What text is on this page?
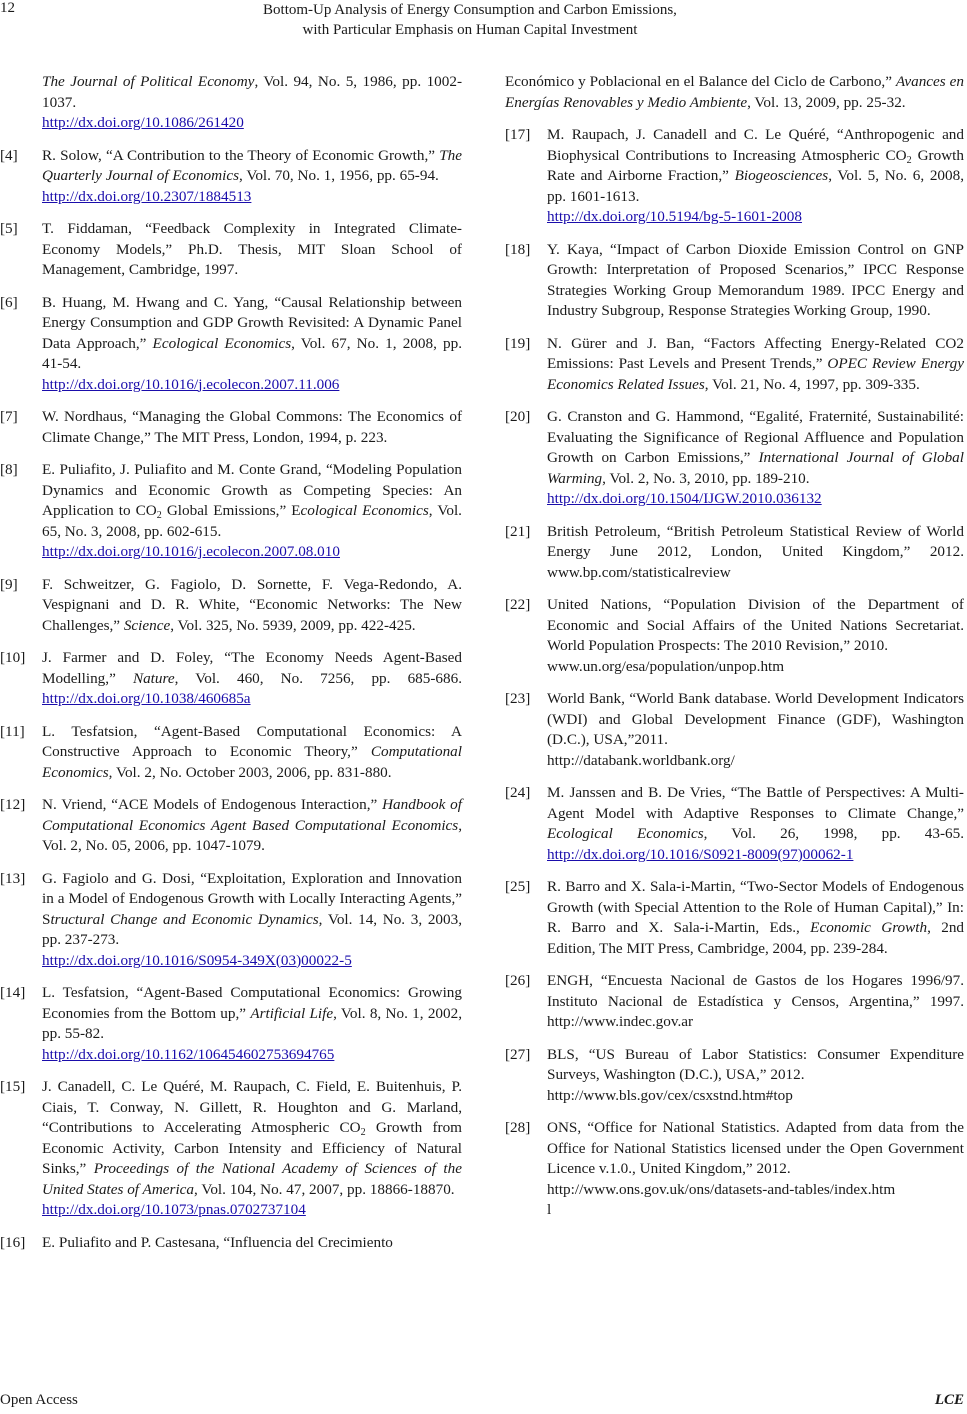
12	Bottom-Up Analysis of Energy Consumption and Carbon Emissions,
with Particular Emphasis on Human Capital Investment
The Journal of Political Economy, Vol. 94, No. 5, 1986, pp. 1002-1037.
http://dx.doi.org/10.1086/261420
[4]	R. Solow, “A Contribution to the Theory of Economic Growth,” The Quarterly Journal of Economics, Vol. 70, No. 1, 1956, pp. 65-94.
http://dx.doi.org/10.2307/1884513
[5]	T. Fiddaman, “Feedback Complexity in Integrated Climate-Economy Models,” Ph.D. Thesis, MIT Sloan School of Management, Cambridge, 1997.
[6]	B. Huang, M. Hwang and C. Yang, “Causal Relationship between Energy Consumption and GDP Growth Revisited: A Dynamic Panel Data Approach,” Ecological Economics, Vol. 67, No. 1, 2008, pp. 41-54.
http://dx.doi.org/10.1016/j.ecolecon.2007.11.006
[7]	W. Nordhaus, “Managing the Global Commons: The Economics of Climate Change,” The MIT Press, London, 1994, p. 223.
[8]	E. Puliafito, J. Puliafito and M. Conte Grand, “Modeling Population Dynamics and Economic Growth as Competing Species: An Application to $CO_2$ Global Emissions,” Ecological Economics, Vol. 65, No. 3, 2008, pp. 602-615.
http://dx.doi.org/10.1016/j.ecolecon.2007.08.010
[9]	F. Schweitzer, G. Fagiolo, D. Sornette, F. Vega-Redondo, A. Vespignani and D. R. White, “Economic Networks: The New Challenges,” Science, Vol. 325, No. 5939, 2009, pp. 422-425.
[10]	J. Farmer and D. Foley, “The Economy Needs Agent-Based Modelling,” Nature, Vol. 460, No. 7256, pp. 685-686. http://dx.doi.org/10.1038/460685a
[11]	L. Tesfatsion, “Agent-Based Computational Economics: A Constructive Approach to Economic Theory,” Computational Economics, Vol. 2, No. October 2003, 2006, pp. 831-880.
[12]	N. Vriend, “ACE Models of Endogenous Interaction,” Handbook of Computational Economics Agent Based Computational Economics, Vol. 2, No. 05, 2006, pp. 1047-1079.
[13]	G. Fagiolo and G. Dosi, “Exploitation, Exploration and Innovation in a Model of Endogenous Growth with Locally Interacting Agents,” Structural Change and Economic Dynamics, Vol. 14, No. 3, 2003, pp. 237-273.
http://dx.doi.org/10.1016/S0954-349X(03)00022-5
[14]	L. Tesfatsion, “Agent-Based Computational Economics: Growing Economies from the Bottom up,” Artificial Life, Vol. 8, No. 1, 2002, pp. 55-82.
http://dx.doi.org/10.1162/106454602753694765
[15]	J. Canadell, C. Le Quéré, M. Raupach, C. Field, E. Buitenhuis, P. Ciais, T. Conway, N. Gillett, R. Houghton and G. Marland, “Contributions to Accelerating Atmospheric $CO_2$ Growth from Economic Activity, Carbon Intensity and Efficiency of Natural Sinks,” Proceedings of the National Academy of Sciences of the United States of America, Vol. 104, No. 47, 2007, pp. 18866-18870.
http://dx.doi.org/10.1073/pnas.0702737104
[16]	E. Puliafito and P. Castesana, “Influencia del Crecimiento
Económico y Poblacional en el Balance del Ciclo de Carbono,” Avances en Energías Renovables y Medio Ambiente, Vol. 13, 2009, pp. 25-32.
[17]	M. Raupach, J. Canadell and C. Le Quéré, “Anthropogenic and Biophysical Contributions to Increasing Atmospheric $CO_2$ Growth Rate and Airborne Fraction,” Biogeosciences, Vol. 5, No. 6, 2008, pp. 1601-1613.
http://dx.doi.org/10.5194/bg-5-1601-2008
[18]	Y. Kaya, “Impact of Carbon Dioxide Emission Control on GNP Growth: Interpretation of Proposed Scenarios,” IPCC Response Strategies Working Group Memorandum 1989. IPCC Energy and Industry Subgroup, Response Strategies Working Group, 1990.
[19]	N. Gürer and J. Ban, “Factors Affecting Energy-Related CO2 Emissions: Past Levels and Present Trends,” OPEC Review Energy Economics Related Issues, Vol. 21, No. 4, 1997, pp. 309-335.
[20]	G. Cranston and G. Hammond, “Egalité, Fraternité, Sustainabilité: Evaluating the Significance of Regional Affluence and Population Growth on Carbon Emissions,” International Journal of Global Warming, Vol. 2, No. 3, 2010, pp. 189-210.
http://dx.doi.org/10.1504/IJGW.2010.036132
[21]	British Petroleum, “British Petroleum Statistical Review of World Energy June 2012, London, United Kingdom,” 2012. www.bp.com/statisticalreview
[22]	United Nations, “Population Division of the Department of Economic and Social Affairs of the United Nations Secretariat. World Population Prospects: The 2010 Revision,” 2010.
www.un.org/esa/population/unpop.htm
[23]	World Bank, “World Bank database. World Development Indicators (WDI) and Global Development Finance (GDF), Washington (D.C.), USA,”2011.
http://databank.worldbank.org/
[24]	M. Janssen and B. De Vries, “The Battle of Perspectives: A Multi-Agent Model with Adaptive Responses to Climate Change,” Ecological Economics, Vol. 26, 1998, pp. 43-65. http://dx.doi.org/10.1016/S0921-8009(97)00062-1
[25]	R. Barro and X. Sala-i-Martin, “Two-Sector Models of Endogenous Growth (with Special Attention to the Role of Human Capital),” In: R. Barro and X. Sala-i-Martin, Eds., Economic Growth, 2nd Edition, The MIT Press, Cambridge, 2004, pp. 239-284.
[26]	ENGH, “Encuesta Nacional de Gastos de los Hogares 1996/97. Instituto Nacional de Estadística y Censos, Argentina,” 1997. http://www.indec.gov.ar
[27]	BLS, “US Bureau of Labor Statistics: Consumer Expenditure Surveys, Washington (D.C.), USA,” 2012.
http://www.bls.gov/cex/csxstnd.htm#top
[28]	ONS, “Office for National Statistics. Adapted from data from the Office for National Statistics licensed under the Open Government Licence v.1.0., United Kingdom,” 2012.
http://www.ons.gov.uk/ons/datasets-and-tables/index.htm
l
Open Access	LCE
